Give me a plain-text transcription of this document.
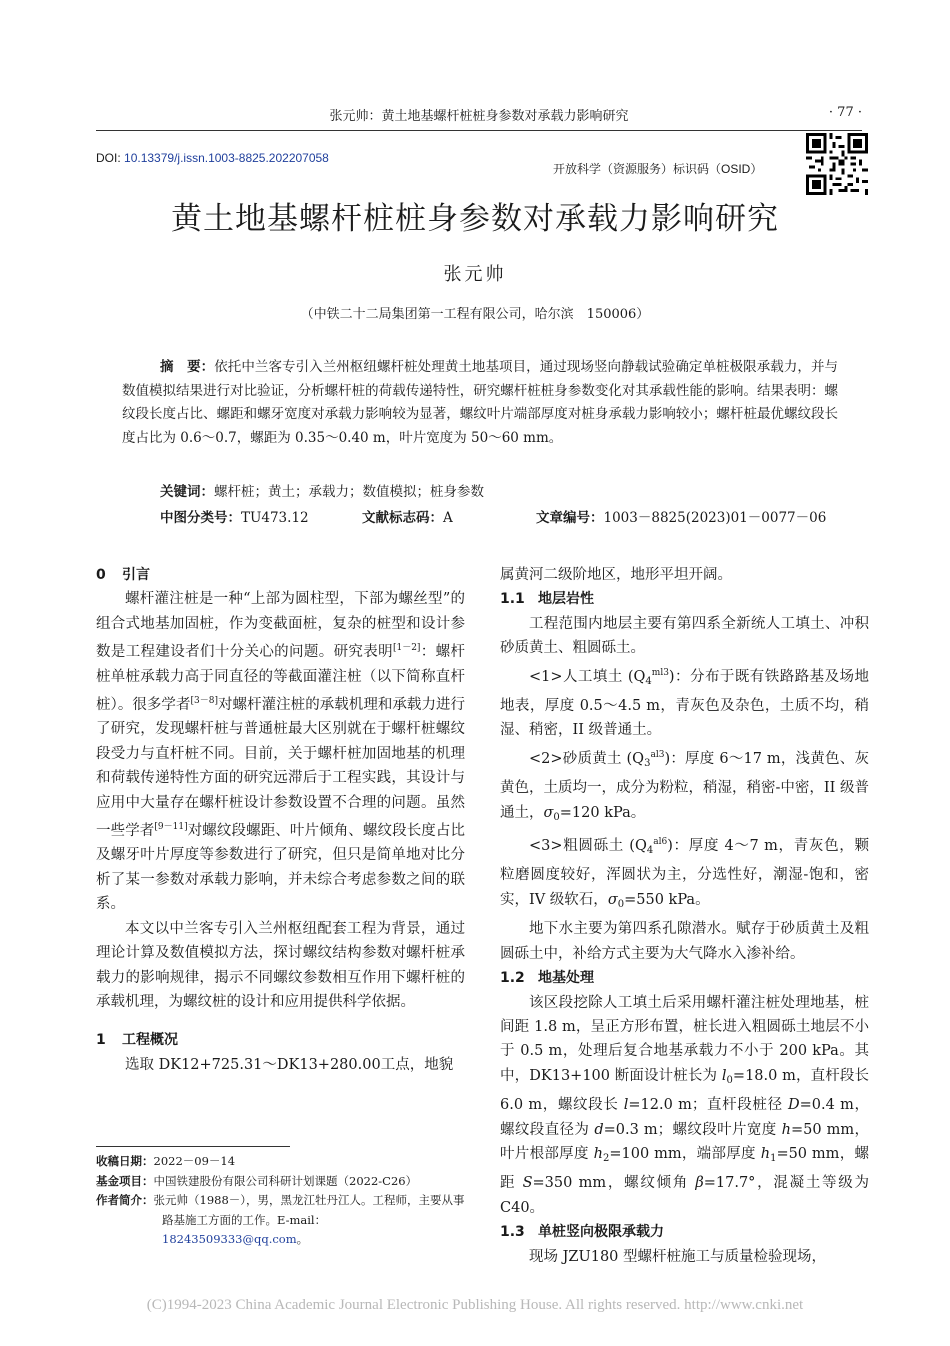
张元帅：黄土地基螺杆桩桩身参数对承载力影响研究	· 77 ·
DOI: 10.13379/j.issn.1003-8825.202207058
开放科学（资源服务）标识码（OSID）
黄土地基螺杆桩桩身参数对承载力影响研究
张元帅
（中铁二十二局集团第一工程有限公司，哈尔滨　150006）
摘　要：依托中兰客专引入兰州枢纽螺杆桩处理黄土地基项目，通过现场竖向静载试验确定单桩极限承载力，并与数值模拟结果进行对比验证，分析螺杆桩的荷载传递特性，研究螺杆桩桩身参数变化对其承载性能的影响。结果表明：螺纹段长度占比、螺距和螺牙宽度对承载力影响较为显著，螺纹叶片端部厚度对桩身承载力影响较小；螺杆桩最优螺纹段长度占比为 0.6～0.7，螺距为 0.35～0.40 m，叶片宽度为 50～60 mm。
关键词：螺杆桩；黄土；承载力；数值模拟；桩身参数
中图分类号：TU473.12	文献标志码：A	文章编号：1003－8825(2023)01－0077－06

0 引言

螺杆灌注桩是一种“上部为圆柱型，下部为螺丝型”的组合式地基加固桩，作为变截面桩，复杂的桩型和设计参数是工程建设者们十分关心的问题。研究表明[1－2]：螺杆桩单桩承载力高于同直径的等截面灌注桩（以下简称直杆桩）。很多学者[3－8]对螺杆灌注桩的承载机理和承载力进行了研究，发现螺杆桩与普通桩最大区别就在于螺杆桩螺纹段受力与直杆桩不同。目前，关于螺杆桩加固地基的机理和荷载传递特性方面的研究远滞后于工程实践，其设计与应用中大量存在螺杆桩设计参数设置不合理的问题。虽然一些学者[9－11]对螺纹段螺距、叶片倾角、螺纹段长度占比及螺牙叶片厚度等参数进行了研究，但只是简单地对比分析了某一参数对承载力影响，并未综合考虑参数之间的联系。

本文以中兰客专引入兰州枢纽配套工程为背景，通过理论计算及数值模拟方法，探讨螺纹结构参数对螺杆桩承载力的影响规律，揭示不同螺纹参数相互作用下螺杆桩的承载机理，为螺纹桩的设计和应用提供科学依据。

1 工程概况

选取 DK12+725.31～DK13+280.00工点，地貌

属黄河二级阶地区，地形平坦开阔。

1.1 地层岩性

工程范围内地层主要有第四系全新统人工填土、冲积砂质黄土、粗圆砾土。

<1>人工填土 $(Q_4^{ml3})$：分布于既有铁路路基及场地地表，厚度 0.5～4.5 m，青灰色及杂色，土质不均，稍湿、稍密，II 级普通土。

<2>砂质黄土 $(Q_3^{al3})$：厚度 6～17 m，浅黄色、灰黄色，土质均一，成分为粉粒，稍湿，稍密-中密，II 级普通土，$\sigma_0=120$ kPa。

<3>粗圆砾土 $(Q_4^{al6})$：厚度 4～7 m，青灰色，颗粒磨圆度较好，浑圆状为主，分选性好，潮湿-饱和，密实，IV 级软石，$\sigma_0=550$ kPa。

地下水主要为第四系孔隙潜水。赋存于砂质黄土及粗圆砾土中，补给方式主要为大气降水入渗补给。

1.2 地基处理

该区段挖除人工填土后采用螺杆灌注桩处理地基，桩间距 1.8 m，呈正方形布置，桩长进入粗圆砾土地层不小于 0.5 m，处理后复合地基承载力不小于 200 kPa。其中，DK13+100 断面设计桩长为 $l_0=18.0$ m，直杆段长 6.0 m，螺纹段长 l=12.0 m；直杆段桩径 D=0.4 m，螺纹段直径为 d=0.3 m；螺纹段叶片宽度 h=50 mm，叶片根部厚度 $h_2=100$ mm，端部厚度 $h_1=50$ mm，螺距 S=350 mm，螺纹倾角 β=17.7°，混凝土等级为 C40。

1.3 单桩竖向极限承载力

现场 JZU180 型螺杆桩施工与质量检验现场，

收稿日期：2022－09－14
基金项目：中国铁建股份有限公司科研计划课题（2022-C26）
作者简介：张元帅（1988－），男，黑龙江牡丹江人。工程师，主要从事路基施工方面的工作。E-mail：18243509333@qq.com。
(C)1994-2023 China Academic Journal Electronic Publishing House. All rights reserved. http://www.cnki.net
